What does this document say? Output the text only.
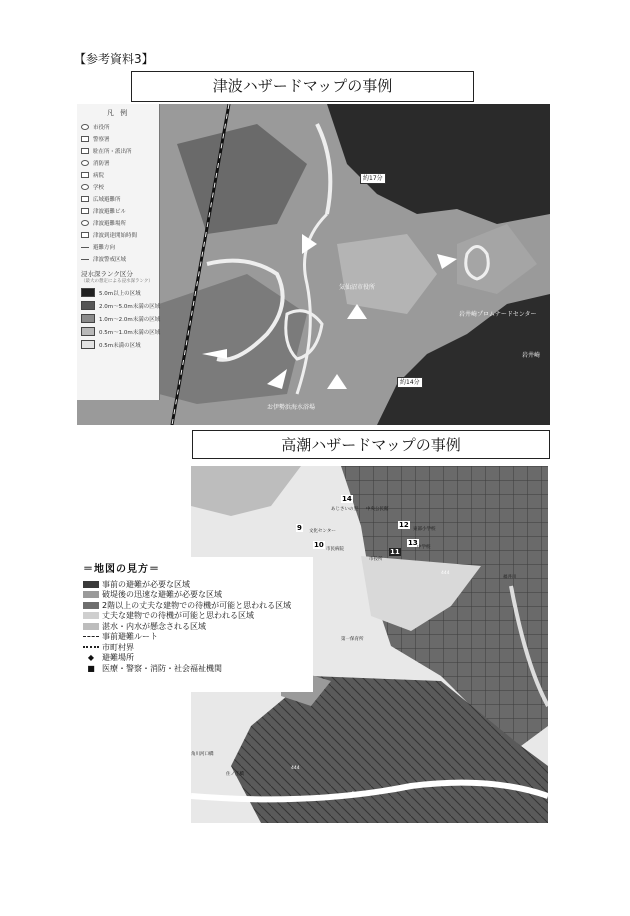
【参考資料3】
津波ハザードマップの事例
凡 例
市役所
警察署
駐在所・派出所
消防署
病院
学校
広域避難所
津波避難ビル
津波避難場所
津波到達開始時間
避難方向
津波警戒区域
浸水深ランク区分
（最大の想定による浸水深ランク）
5.0m以上の区域
2.0m～5.0m未満の区域
1.0m～2.0m未満の区域
0.5m～1.0m未満の区域
0.5m未満の区域
約17分
約14分
気仙沼市役所
岩井崎
岩井崎プロムナードセンター
お伊勢浜海水浴場
高潮ハザードマップの事例
14
12
9
10	13
11
あじさいの里 中央公民館
文化センター
市民病院
東部小学校
中学校
第一保育所
市役所
福井川
住ノ江橋
角川河口橋
角川
444
444
＝地図の見方＝
事前の避難が必要な区域
破堤後の迅速な避難が必要な区域
2階以上の丈夫な建物での待機が可能と思われる区域
丈夫な建物での待機が可能と思われる区域
湛水・内水が懸念される区域
事前避難ルート
市町村界
◆ 避難場所
■ 医療・警察・消防・社会福祉機関
